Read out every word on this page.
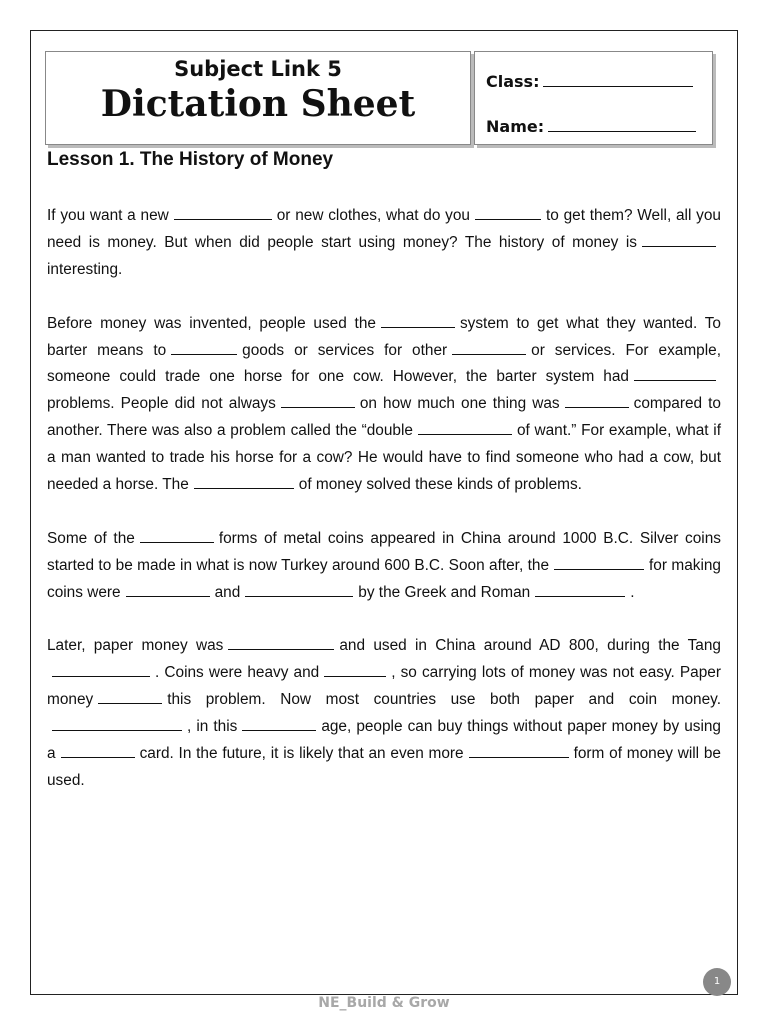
Subject Link 5
Dictation Sheet
Class:
Name:
Lesson 1. The History of Money

If you want a new	or new clothes, what do you	to get them? Well, all you need is money. But when did people start using money? The history of money isinteresting.

Before money was invented, people used the	system to get what they wanted. To barter means to	goods or services for other	or services. For example, someone could trade one horse for one cow. However, the barter system hadproblems. People did not always	on how much one thing was	compared to another. There was also a problem called the “double	of want.” For example, what if a man wanted to trade his horse for a cow? He would have to find someone who had a cow, but needed a horse. The	of money solved these kinds of problems.

Some of the	forms of metal coins appeared in China around 1000 B.C. Silver coins started to be made in what is now Turkey around 600 B.C. Soon after, the	for making coins were	and	by the Greek and Roman	.

Later, paper money was	and used in China around AD 800, during the Tang. Coins were heavy and	, so carrying lots of money was not easy. Paper money	this problem. Now most countries use both paper and coin money., in this	age, people can buy things without paper money by using a	card. In the future, it is likely that an even more	form of money will be used.

1
NE_Build & Grow
